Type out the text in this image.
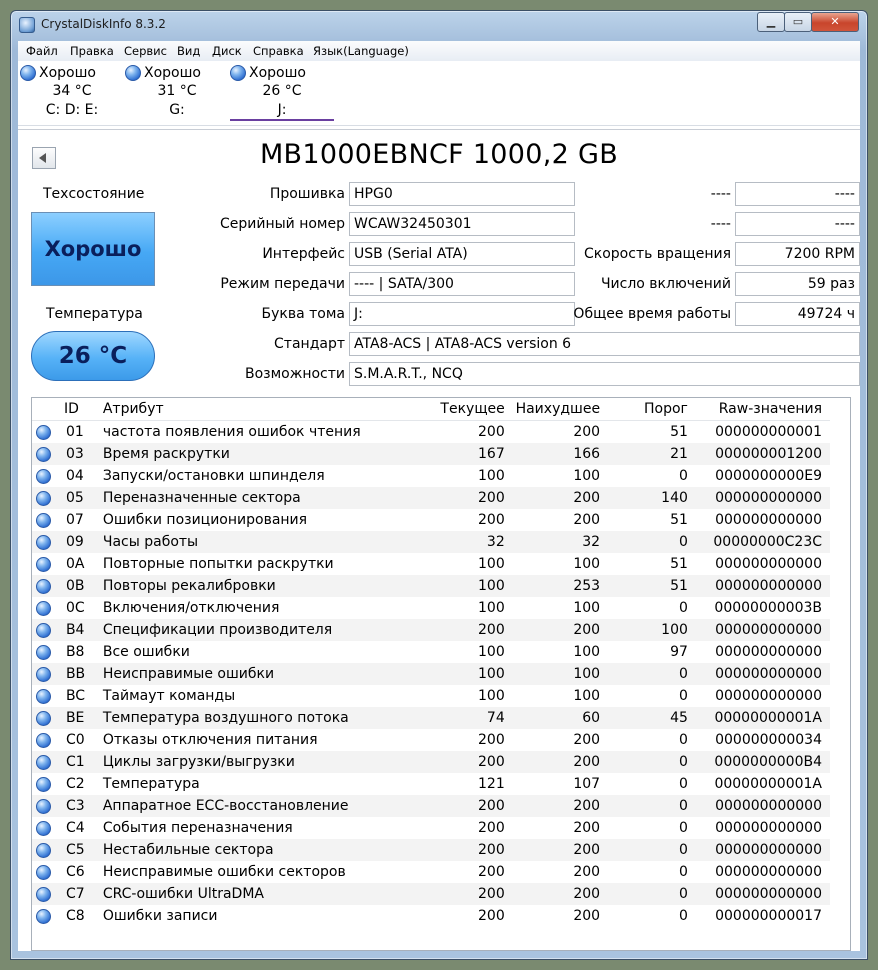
CrystalDiskInfo 8.3.2	▁	▭	✕
Файл Правка Сервис Вид Диск Справка Язык(Language)
Хорошо
34 °C
C: D: E:
Хорошо
31 °C
G:
Хорошо
26 °C
J:
MB1000EBNCF 1000,2 GB
Техсостояние
Хорошо
Температура
26 °C
Прошивка HPG0
Серийный номер WCAW32450301
Интерфейс USB (Serial ATA)
Режим передачи ---- | SATA/300
Буква тома J:
Стандарт ATA8-ACS | ATA8-ACS version 6
Возможности S.M.A.R.T., NCQ
----	----
----	----
Скорость вращения	7200 RPM
Число включений	59 раз
Общее время работы	49724 ч
	ID	Атрибут	Текущее	Наихудшее	Порог	Raw-значения
	01	частота появления ошибок чтения	200	200	51	000000000001
	03	Время раскрутки	167	166	21	000000001200
	04	Запуски/остановки шпинделя	100	100	0	0000000000E9
	05	Переназначенные сектора	200	200	140	000000000000
	07	Ошибки позиционирования	200	200	51	000000000000
	09	Часы работы	32	32	0	00000000C23C
	0A	Повторные попытки раскрутки	100	100	51	000000000000
	0B	Повторы рекалибровки	100	253	51	000000000000
	0C	Включения/отключения	100	100	0	00000000003B
	B4	Спецификации производителя	200	200	100	000000000000
	B8	Все ошибки	100	100	97	000000000000
	BB	Неисправимые ошибки	100	100	0	000000000000
	BC	Таймаут команды	100	100	0	000000000000
	BE	Температура воздушного потока	74	60	45	00000000001A
	C0	Отказы отключения питания	200	200	0	000000000034
	C1	Циклы загрузки/выгрузки	200	200	0	0000000000B4
	C2	Температура	121	107	0	00000000001A
	C3	Аппаратное ECC-восстановление	200	200	0	000000000000
	C4	События переназначения	200	200	0	000000000000
	C5	Нестабильные сектора	200	200	0	000000000000
	C6	Неисправимые ошибки секторов	200	200	0	000000000000
	C7	CRC-ошибки UltraDMA	200	200	0	000000000000
	C8	Ошибки записи	200	200	0	000000000017
